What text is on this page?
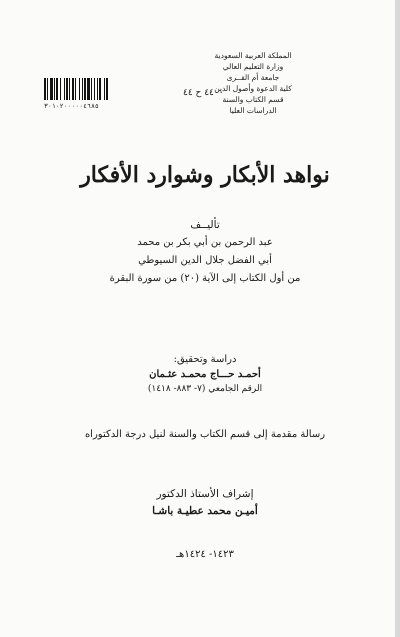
المملكة العربية السعودية
وزارة التعليم العالي
جامعة أم القــرى
كلية الدعوة وأصول الدين
قسم الكتاب والسنة
الدراسات العليا
٣٠١٠٢٠٠٠٠٠٤٦٨٥
٤٤٠٠ ح ٤٤
نواهد الأبكار وشوارد الأفكار
تأليــف
عبد الرحمن بن أبي بكر بن محمد
أبي الفضل جلال الدين السيوطي
من أول الكتاب إلى الآية (٢٠) من سورة البقرة
دراسة وتحقيق:
أحمـد حـــاج محمـد عثـمان
الرقم الجامعي (٧- ٨٨٣- ١٤١٨)
رسالة مقدمة إلى قسم الكتاب والسنة لنيل درجة الدكتوراه
إشراف الأستاذ الدكتور
أميـن محمد عطيـة باشـا
١٤٢٣- ١٤٢٤هـ
